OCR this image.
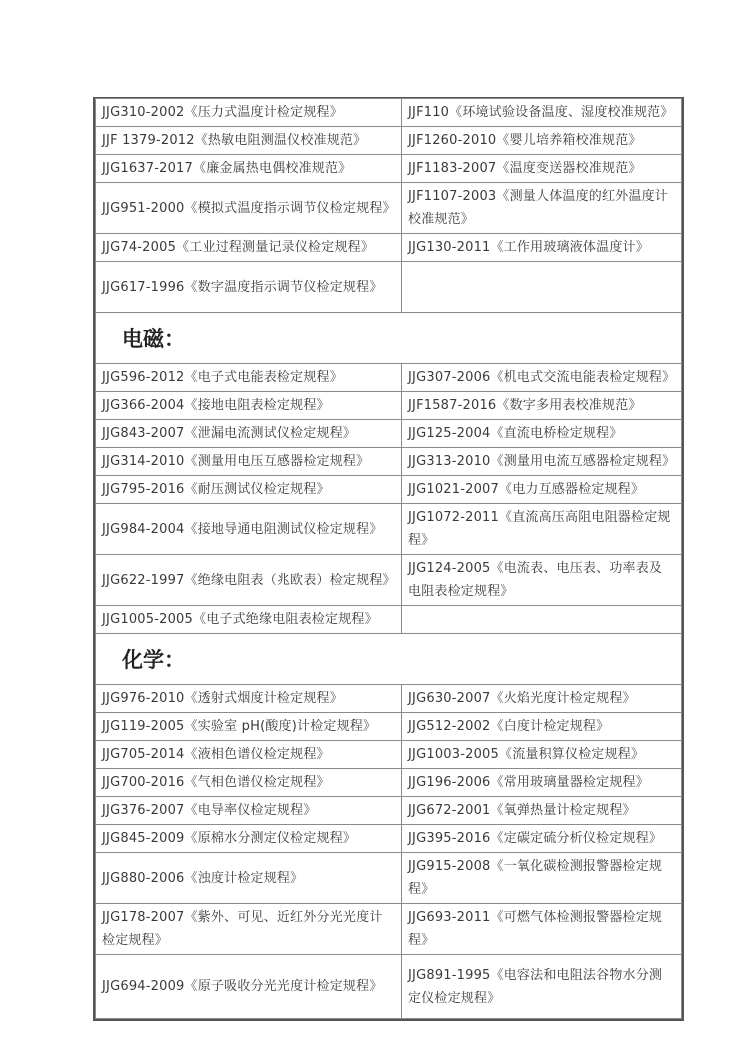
JJG310-2002《压力式温度计检定规程》	JJF110《环境试验设备温度、湿度校准规范》
JJF 1379-2012《热敏电阻测温仪校准规范》	JJF1260-2010《婴儿培养箱校准规范》
JJG1637-2017《廉金属热电偶校准规范》	JJF1183-2007《温度变送器校准规范》
JJG951-2000《模拟式温度指示调节仪检定规程》	JJF1107-2003《测量人体温度的红外温度计校准规范》
JJG74-2005《工业过程测量记录仪检定规程》	JJG130-2011《工作用玻璃液体温度计》
JJG617-1996《数字温度指示调节仪检定规程》	
电磁：
JJG596-2012《电子式电能表检定规程》	JJG307-2006《机电式交流电能表检定规程》
JJG366-2004《接地电阻表检定规程》	JJF1587-2016《数字多用表校准规范》
JJG843-2007《泄漏电流测试仪检定规程》	JJG125-2004《直流电桥检定规程》
JJG314-2010《测量用电压互感器检定规程》	JJG313-2010《测量用电流互感器检定规程》
JJG795-2016《耐压测试仪检定规程》	JJG1021-2007《电力互感器检定规程》
JJG984-2004《接地导通电阻测试仪检定规程》	JJG1072-2011《直流高压高阻电阻器检定规程》
JJG622-1997《绝缘电阻表（兆欧表）检定规程》	JJG124-2005《电流表、电压表、功率表及电阻表检定规程》
JJG1005-2005《电子式绝缘电阻表检定规程》	
化学：
JJG976-2010《透射式烟度计检定规程》	JJG630-2007《火焰光度计检定规程》
JJG119-2005《实验室 pH(酸度)计检定规程》	JJG512-2002《白度计检定规程》
JJG705-2014《液相色谱仪检定规程》	JJG1003-2005《流量积算仪检定规程》
JJG700-2016《气相色谱仪检定规程》	JJG196-2006《常用玻璃量器检定规程》
JJG376-2007《电导率仪检定规程》	JJG672-2001《氧弹热量计检定规程》
JJG845-2009《原棉水分测定仪检定规程》	JJG395-2016《定碳定硫分析仪检定规程》
JJG880-2006《浊度计检定规程》	JJG915-2008《一氧化碳检测报警器检定规程》
JJG178-2007《紫外、可见、近红外分光光度计检定规程》	JJG693-2011《可燃气体检测报警器检定规程》
JJG694-2009《原子吸收分光光度计检定规程》	JJG891-1995《电容法和电阻法谷物水分测定仪检定规程》
